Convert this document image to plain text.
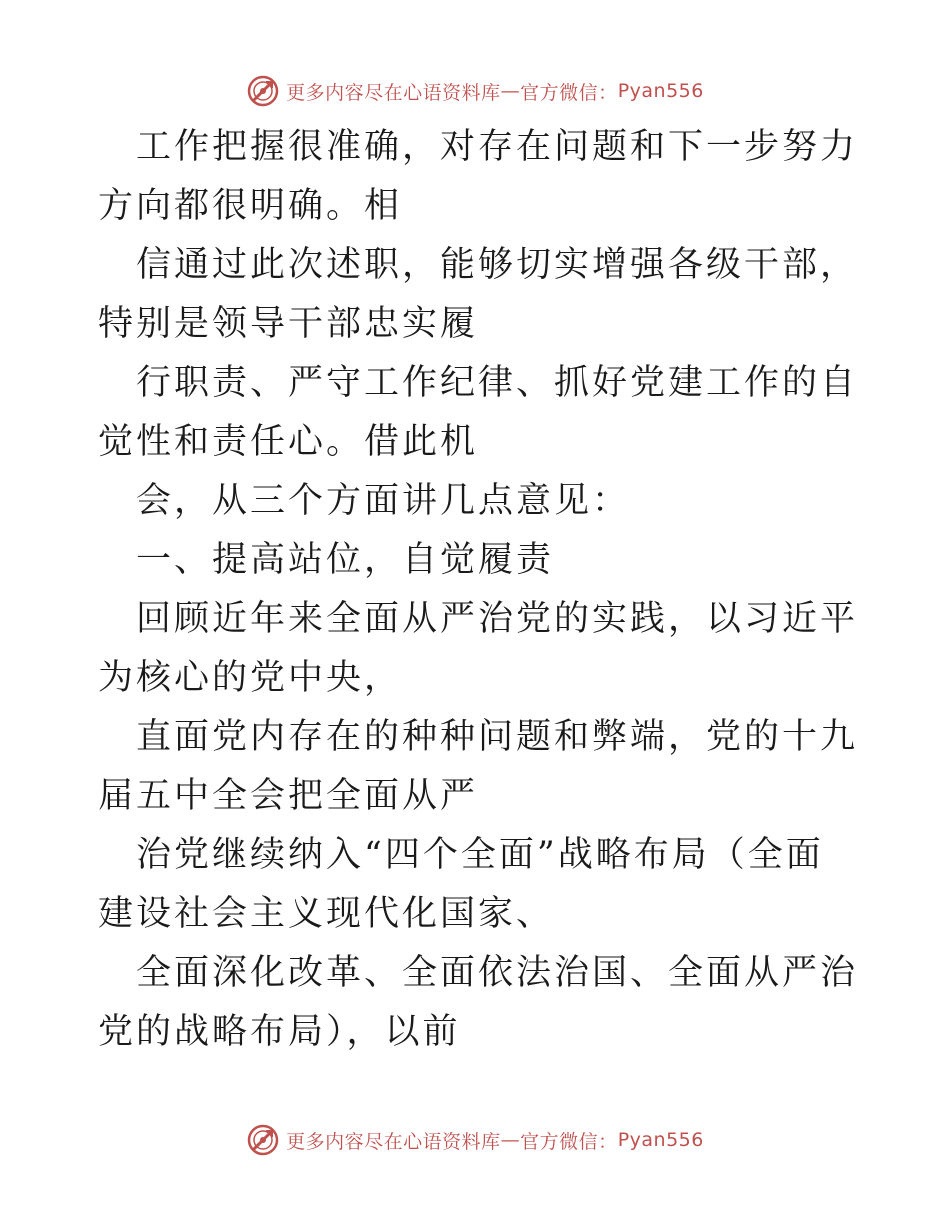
更多内容尽在心语资料库 — 官方微信： Pyan556

工作把握很准确，对存在问题和下一步努力方向都很明确。相

信通过此次述职，能够切实增强各级干部，特别是领导干部忠实履

行职责、严守工作纪律、抓好党建工作的自觉性和责任心。借此机

会，从三个方面讲几点意见：

一、提高站位，自觉履责

回顾近年来全面从严治党的实践，以习近平为核心的党中央，

直面党内存在的种种问题和弊端，党的十九届五中全会把全面从严

治党继续纳入“四个全面”战略布局（全面建设社会主义现代化国家、

全面深化改革、全面依法治国、全面从严治党的战略布局），以前

更多内容尽在心语资料库 — 官方微信： Pyan556
